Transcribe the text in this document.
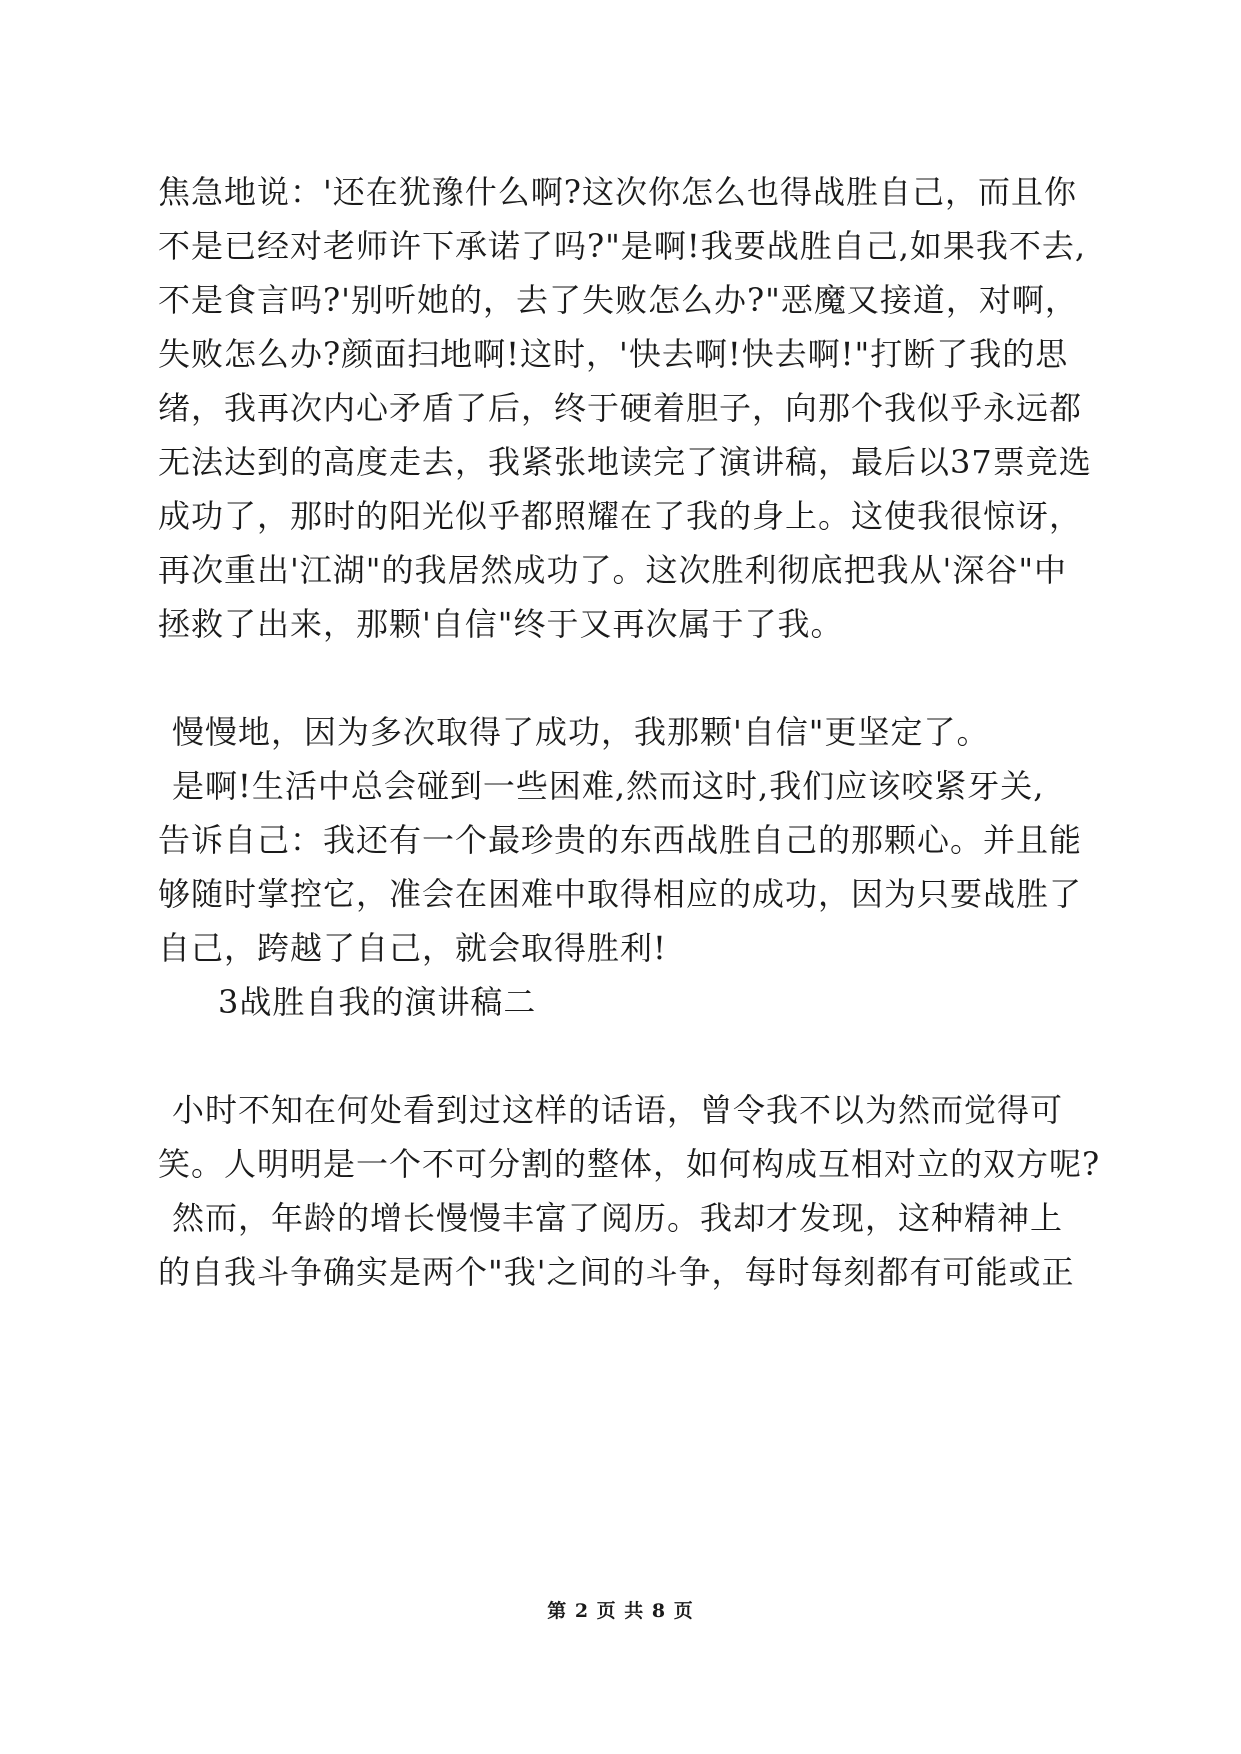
焦急地说：'还在犹豫什么啊?这次你怎么也得战胜自己，而且你
不是已经对老师许下承诺了吗?"是啊!我要战胜自己,如果我不去,
不是食言吗?'别听她的，去了失败怎么办?"恶魔又接道，对啊，
失败怎么办?颜面扫地啊!这时，'快去啊!快去啊!"打断了我的思
绪，我再次内心矛盾了后，终于硬着胆子，向那个我似乎永远都
无法达到的高度走去，我紧张地读完了演讲稿，最后以37票竞选
成功了，那时的阳光似乎都照耀在了我的身上。这使我很惊讶，
再次重出'江湖"的我居然成功了。这次胜利彻底把我从'深谷"中
拯救了出来，那颗'自信"终于又再次属于了我。
慢慢地，因为多次取得了成功，我那颗'自信"更坚定了。
是啊!生活中总会碰到一些困难,然而这时,我们应该咬紧牙关,
告诉自己：我还有一个最珍贵的东西战胜自己的那颗心。并且能
够随时掌控它，准会在困难中取得相应的成功，因为只要战胜了
自己，跨越了自己，就会取得胜利!
3战胜自我的演讲稿二
小时不知在何处看到过这样的话语，曾令我不以为然而觉得可
笑。人明明是一个不可分割的整体，如何构成互相对立的双方呢?
然而，年龄的增长慢慢丰富了阅历。我却才发现，这种精神上
的自我斗争确实是两个"我'之间的斗争，每时每刻都有可能或正
第 2 页 共 8 页
